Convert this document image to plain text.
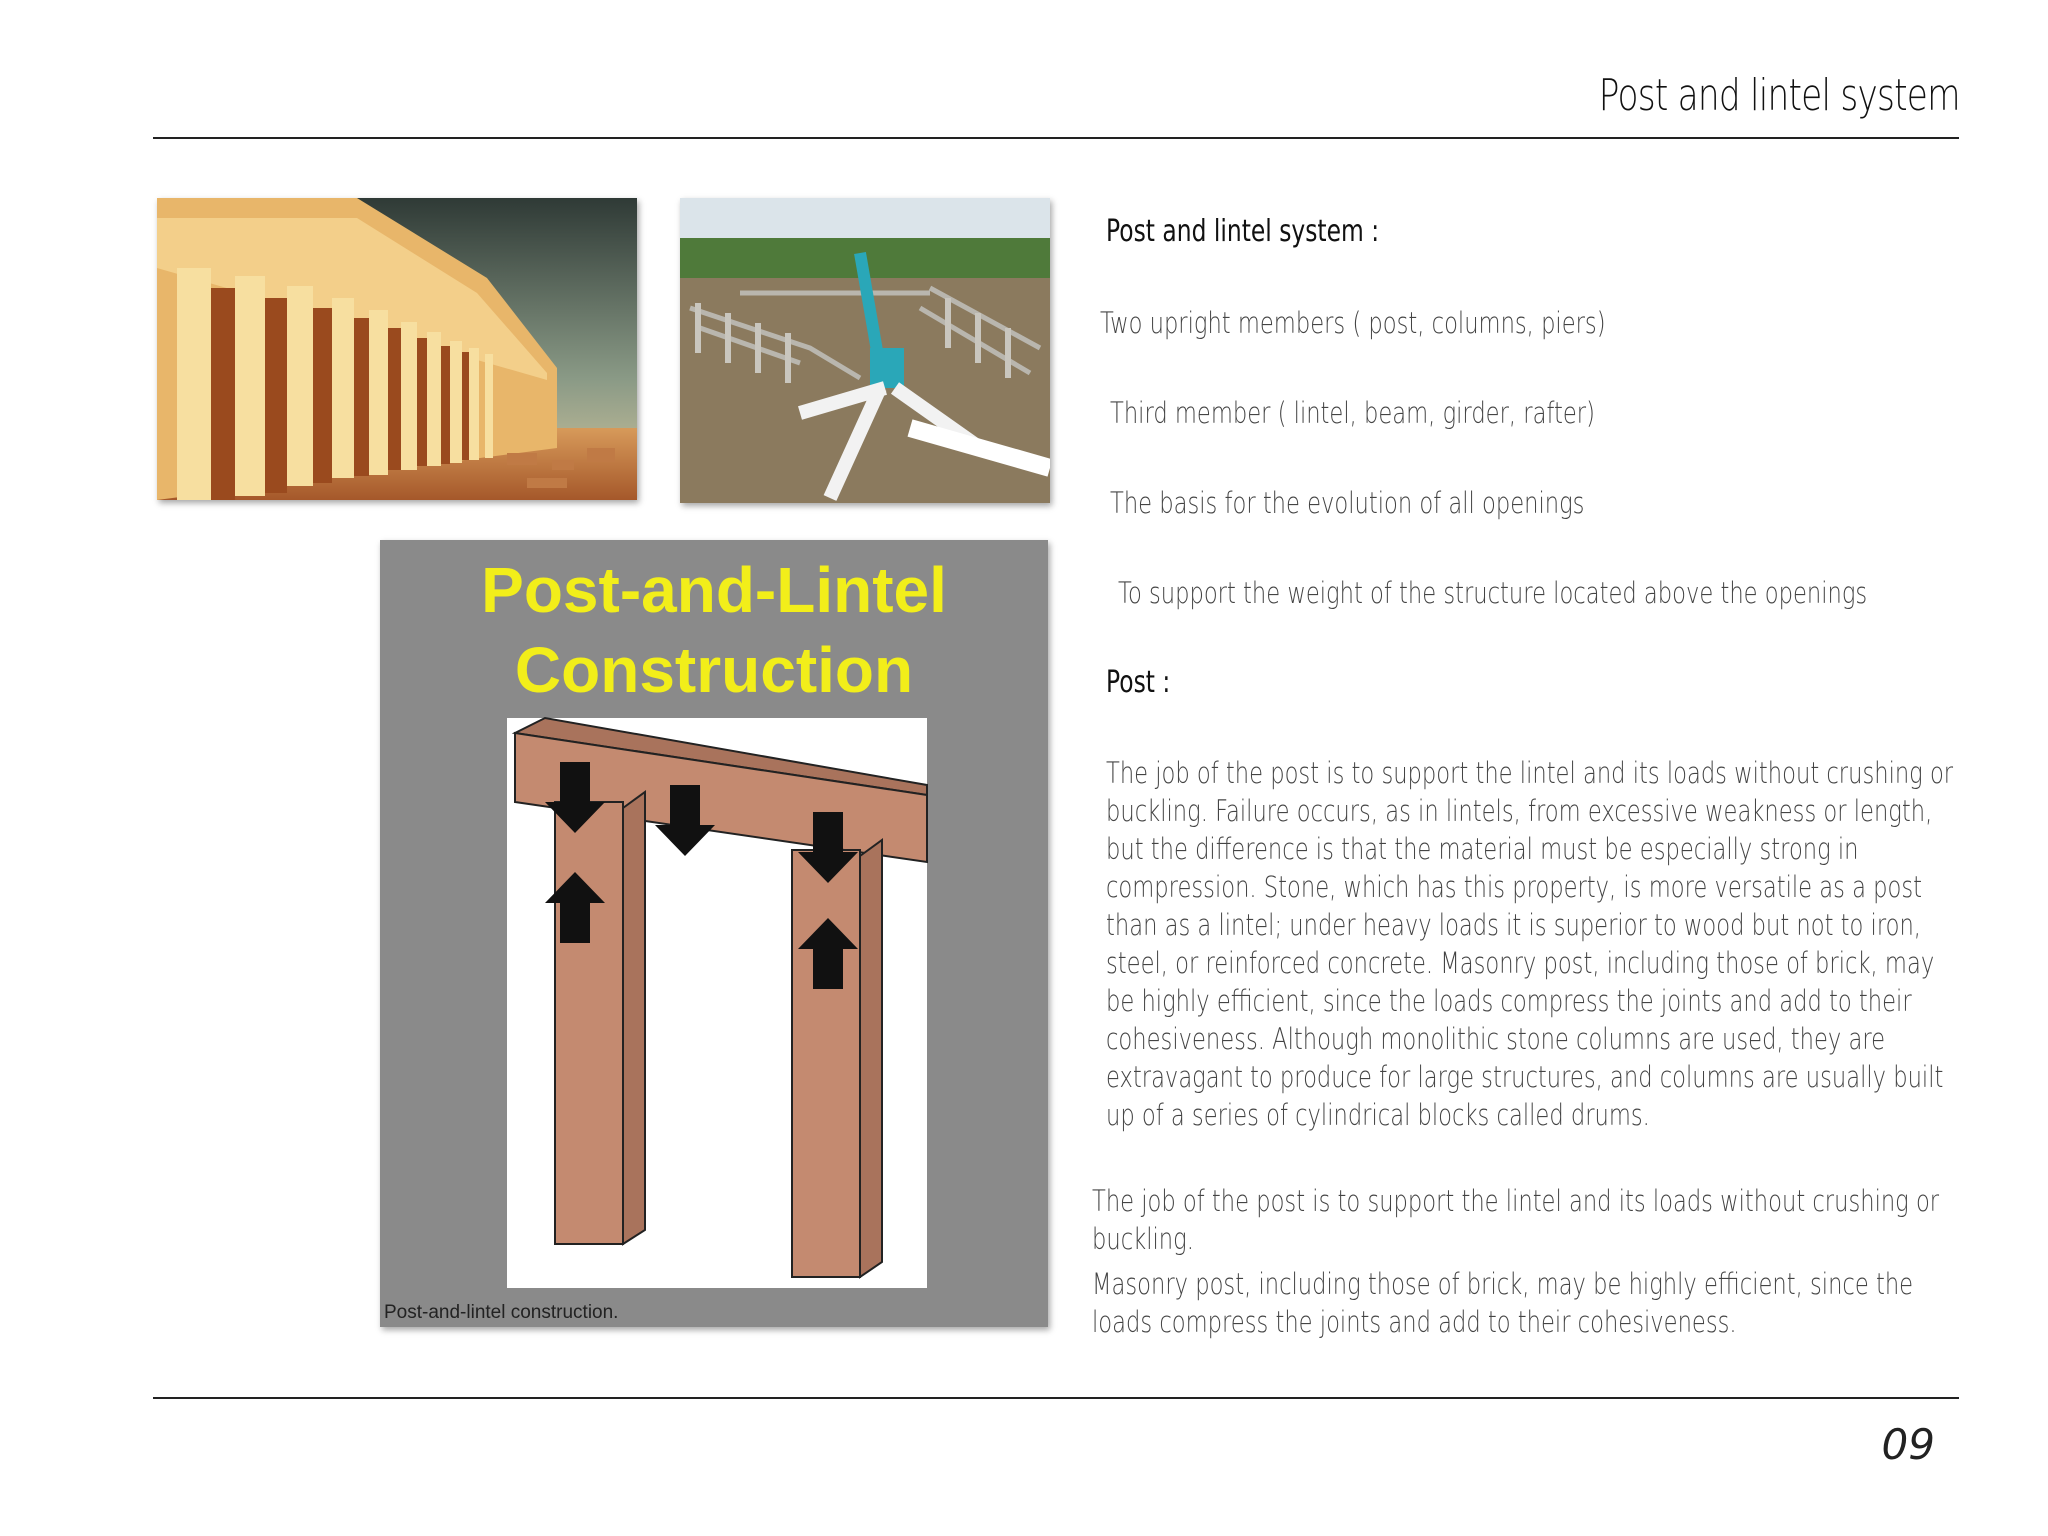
Post and lintel system
Post-and-Lintel
Construction
Post-and-lintel construction.
Post and lintel system :
Two upright members ( post, columns, piers)
Third member ( lintel, beam, girder, rafter)
The basis for the evolution of all openings
To support the weight of the structure located above the openings
Post :
The job of the post is to support the lintel and its loads without crushing or
buckling. Failure occurs, as in lintels, from excessive weakness or length,
but the difference is that the material must be especially strong in
compression. Stone, which has this property, is more versatile as a post
than as a lintel; under heavy loads it is superior to wood but not to iron,
steel, or reinforced concrete. Masonry post, including those of brick, may
be highly efficient, since the loads compress the joints and add to their
cohesiveness. Although monolithic stone columns are used, they are
extravagant to produce for large structures, and columns are usually built
up of a series of cylindrical blocks called drums.
The job of the post is to support the lintel and its loads without crushing or
buckling.
Masonry post, including those of brick, may be highly efficient, since the
loads compress the joints and add to their cohesiveness.
09
